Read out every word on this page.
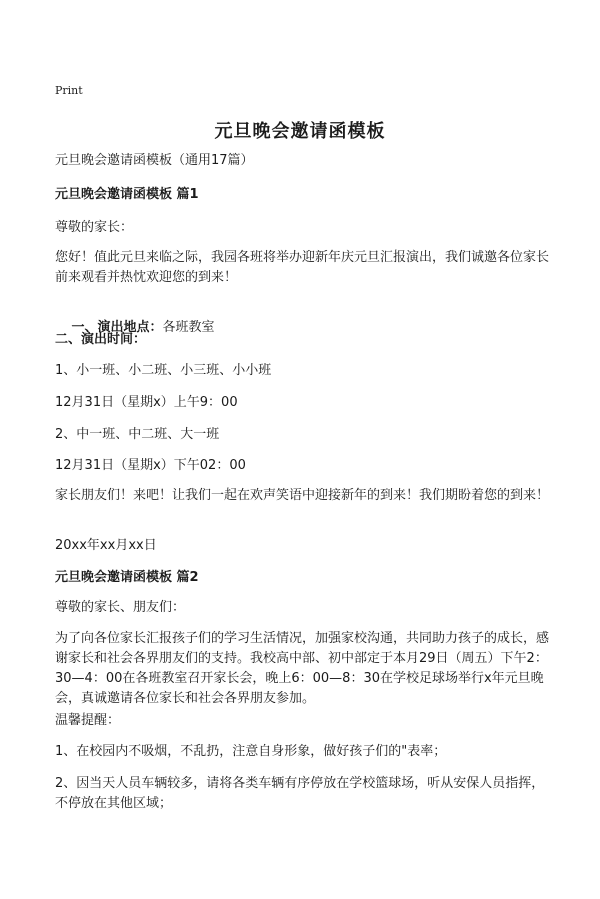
Print
元旦晚会邀请函模板
元旦晚会邀请函模板（通用17篇）
元旦晚会邀请函模板 篇1
尊敬的家长：
您好！值此元旦来临之际，我园各班将举办迎新年庆元旦汇报演出，我们诚邀各位家长前来观看并热忱欢迎您的到来！

一、演出地点：各班教室

二、演出时间：
1、小一班、小二班、小三班、小小班
12月31日（星期x）上午9：00
2、中一班、中二班、大一班
12月31日（星期x）下午02：00
家长朋友们！来吧！让我们一起在欢声笑语中迎接新年的到来！我们期盼着您的到来！
20xx年xx月xx日
元旦晚会邀请函模板 篇2
尊敬的家长、朋友们：
为了向各位家长汇报孩子们的学习生活情况，加强家校沟通，共同助力孩子的成长，感谢家长和社会各界朋友们的支持。我校高中部、初中部定于本月29日（周五）下午2：30—4：00在各班教室召开家长会，晚上6：00—8：30在学校足球场举行x年元旦晚会，真诚邀请各位家长和社会各界朋友参加。
温馨提醒：
1、在校园内不吸烟，不乱扔，注意自身形象，做好孩子们的"表率；
2、因当天人员车辆较多，请将各类车辆有序停放在学校篮球场，听从安保人员指挥，不停放在其他区域；
